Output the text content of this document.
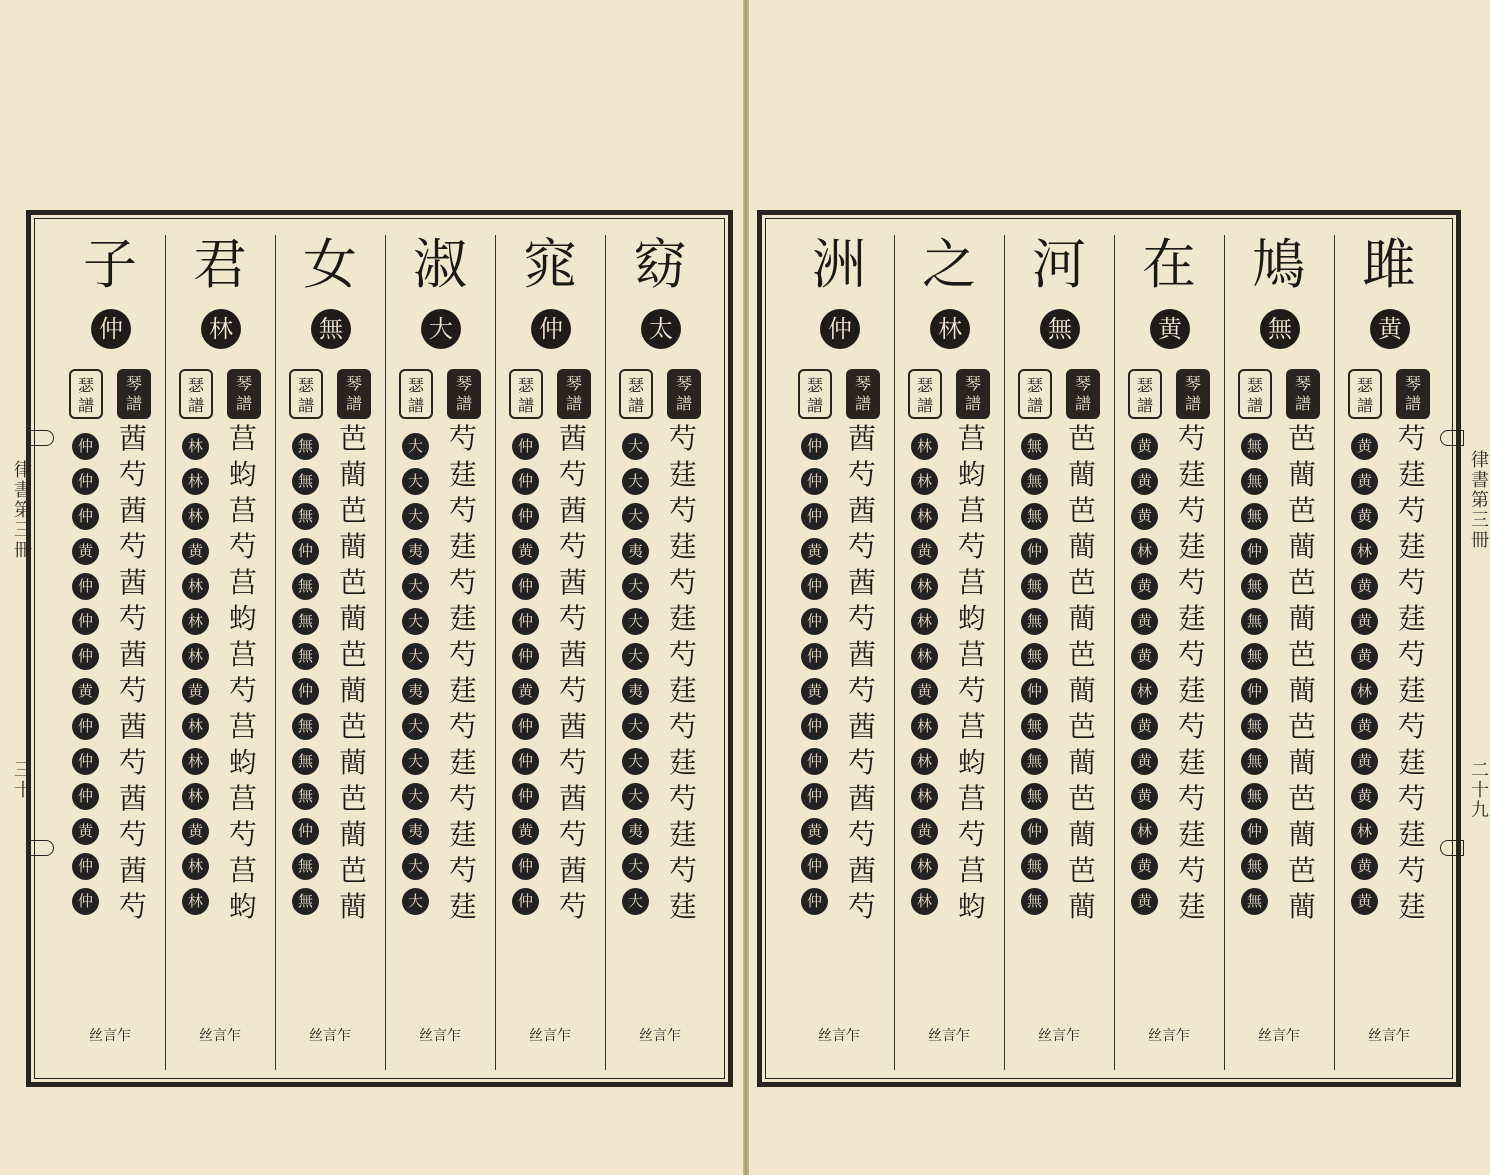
窈
太
瑟
譜
琴
譜
大
大
大
夷
大
大
大
夷
大
大
大
夷
大
大
芍
莛
芍
莛
芍
莛
芍
莛
芍
莛
芍
莛
芍
莛
丝言乍
窕
仲
瑟
譜
琴
譜
仲
仲
仲
黄
仲
仲
仲
黄
仲
仲
仲
黄
仲
仲
莤
芍
莤
芍
莤
芍
莤
芍
莤
芍
莤
芍
莤
芍
丝言乍
淑
大
瑟
譜
琴
譜
大
大
大
夷
大
大
大
夷
大
大
大
夷
大
大
芍
莛
芍
莛
芍
莛
芍
莛
芍
莛
芍
莛
芍
莛
丝言乍
女
無
瑟
譜
琴
譜
無
無
無
仲
無
無
無
仲
無
無
無
仲
無
無
芭
蕳
芭
蕳
芭
蕳
芭
蕳
芭
蕳
芭
蕳
芭
蕳
丝言乍
君
林
瑟
譜
琴
譜
林
林
林
黄
林
林
林
黄
林
林
林
黄
林
林
莒
蚐
莒
芍
莒
蚐
莒
芍
莒
蚐
莒
芍
莒
蚐
丝言乍
子
仲
瑟
譜
琴
譜
仲
仲
仲
黄
仲
仲
仲
黄
仲
仲
仲
黄
仲
仲
莤
芍
莤
芍
莤
芍
莤
芍
莤
芍
莤
芍
莤
芍
丝言乍
雎
黄
瑟
譜
琴
譜
黄
黄
黄
林
黄
黄
黄
林
黄
黄
黄
林
黄
黄
芍
莛
芍
莛
芍
莛
芍
莛
芍
莛
芍
莛
芍
莛
丝言乍
鳩
無
瑟
譜
琴
譜
無
無
無
仲
無
無
無
仲
無
無
無
仲
無
無
芭
蕳
芭
蕳
芭
蕳
芭
蕳
芭
蕳
芭
蕳
芭
蕳
丝言乍
在
黄
瑟
譜
琴
譜
黄
黄
黄
林
黄
黄
黄
林
黄
黄
黄
林
黄
黄
芍
莛
芍
莛
芍
莛
芍
莛
芍
莛
芍
莛
芍
莛
丝言乍
河
無
瑟
譜
琴
譜
無
無
無
仲
無
無
無
仲
無
無
無
仲
無
無
芭
蕳
芭
蕳
芭
蕳
芭
蕳
芭
蕳
芭
蕳
芭
蕳
丝言乍
之
林
瑟
譜
琴
譜
林
林
林
黄
林
林
林
黄
林
林
林
黄
林
林
莒
蚐
莒
芍
莒
蚐
莒
芍
莒
蚐
莒
芍
莒
蚐
丝言乍
洲
仲
瑟
譜
琴
譜
仲
仲
仲
黄
仲
仲
仲
黄
仲
仲
仲
黄
仲
仲
莤
芍
莤
芍
莤
芍
莤
芍
莤
芍
莤
芍
莤
芍
丝言乍
律書第三冊
三十
律書第三冊
二十九
